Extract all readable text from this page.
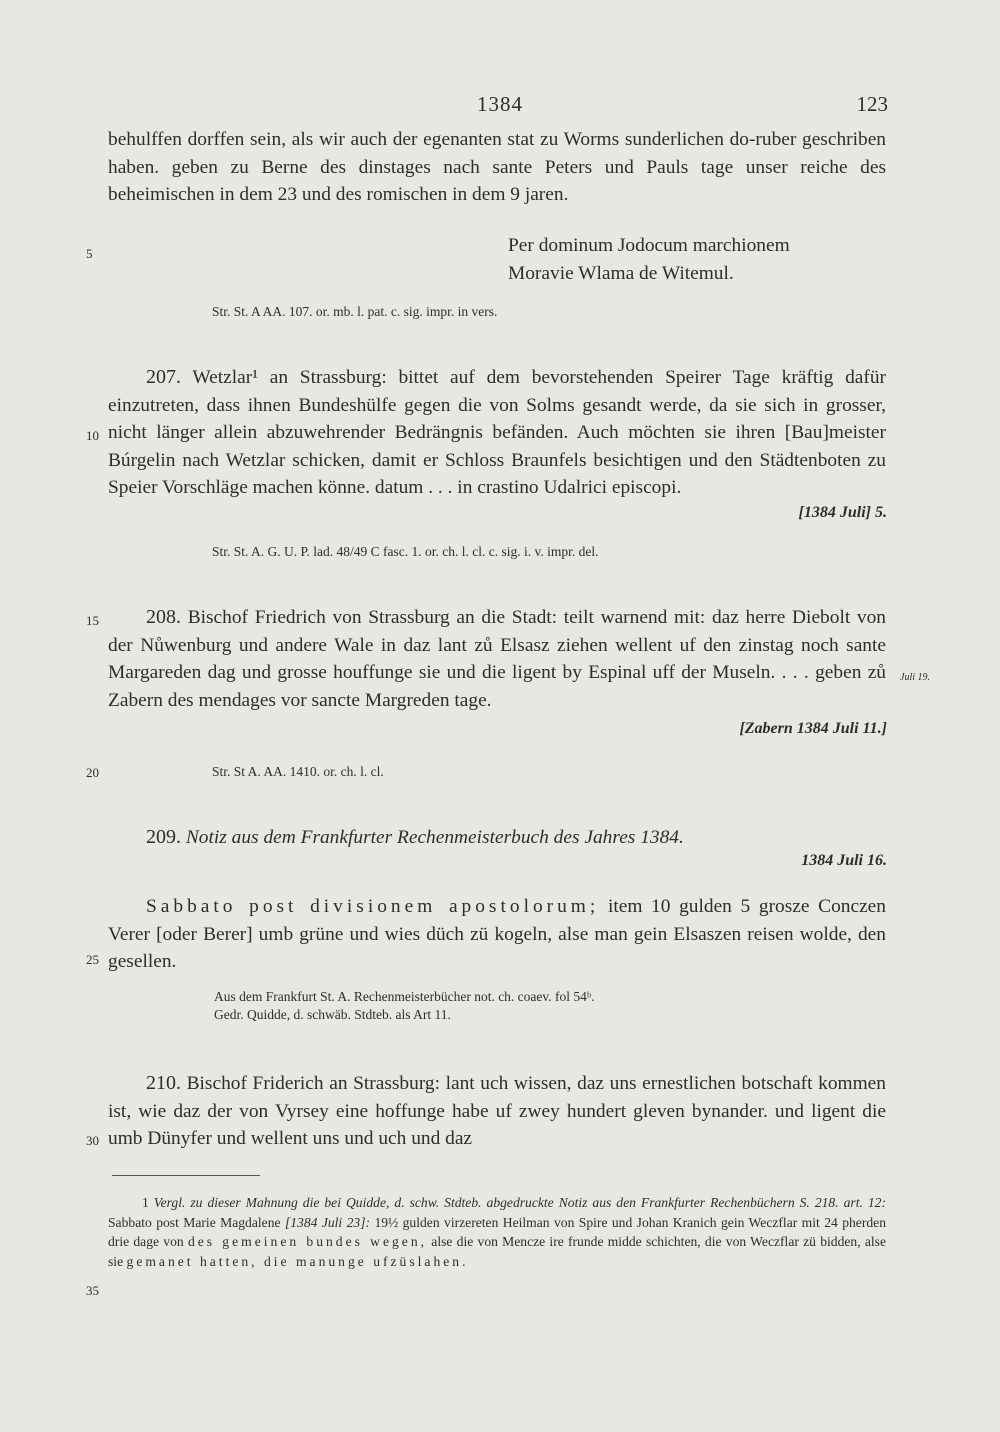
1384	123

behulffen dorffen sein, als wir auch der egenanten stat zu Worms sunderlichen do-ruber geschriben haben. geben zu Berne des dinstages nach sante Peters und Pauls tage unser reiche des beheimischen in dem 23 und des romischen in dem 9 jaren.

Per dominum Jodocum marchionem
Moravie Wlama de Witemul.
Str. St. A AA. 107. or. mb. l. pat. c. sig. impr. in vers.

207. Wetzlar¹ an Strassburg: bittet auf dem bevorstehenden Speirer Tage kräftig dafür einzutreten, dass ihnen Bundeshülfe gegen die von Solms gesandt werde, da sie sich in grosser, nicht länger allein abzuwehrender Bedrängnis befänden. Auch möchten sie ihren [Bau]meister Búrgelin nach Wetzlar schicken, damit er Schloss Braunfels besichtigen und den Städtenboten zu Speier Vorschläge machen könne. datum . . . in crastino Udalrici episcopi.

[1384 Juli] 5.
Str. St. A. G. U. P. lad. 48/49 C fasc. 1. or. ch. l. cl. c. sig. i. v. impr. del.

208. Bischof Friedrich von Strassburg an die Stadt: teilt warnend mit: daz herre Diebolt von der Nůwenburg und andere Wale in daz lant zů Elsasz ziehen wellent uf den zinstag noch sante Margareden dag und grosse houffunge sie und die ligent by Espinal uff der Museln. . . . geben zů Zabern des mendages vor sancte Margreden tage.

Juli 19.
[Zabern 1384 Juli 11.]
Str. St A. AA. 1410. or. ch. l. cl.

209. Notiz aus dem Frankfurter Rechenmeisterbuch des Jahres 1384.

1384 Juli 16.

Sabbato post divisionem apostolorum; item 10 gulden 5 grosze Conczen Verer [oder Berer] umb grüne und wies düch zü kogeln, alse man gein Elsaszen reisen wolde, den gesellen.

Aus dem Frankfurt St. A. Rechenmeisterbücher not. ch. coaev. fol 54ᵇ.
Gedr. Quidde, d. schwäb. Stdteb. als Art 11.

210. Bischof Friderich an Strassburg: lant uch wissen, daz uns ernestlichen botschaft kommen ist, wie daz der von Vyrsey eine hoffunge habe uf zwey hundert gleven bynander. und ligent die umb Dünyfer und wellent uns und uch und daz

1 Vergl. zu dieser Mahnung die bei Quidde, d. schw. Stdteb. abgedruckte Notiz aus den Frankfurter Rechenbüchern S. 218. art. 12: Sabbato post Marie Magdalene [1384 Juli 23]: 19½ gulden virzereten Heilman von Spire und Johan Kranich gein Weczflar mit 24 pherden drie dage von des gemeinen bundes wegen, alse die von Mencze ire frunde midde schichten, die von Weczflar zü bidden, alse sie gemanet hatten, die manunge ufzüslahen.

5
10
15
20
25
30
35
